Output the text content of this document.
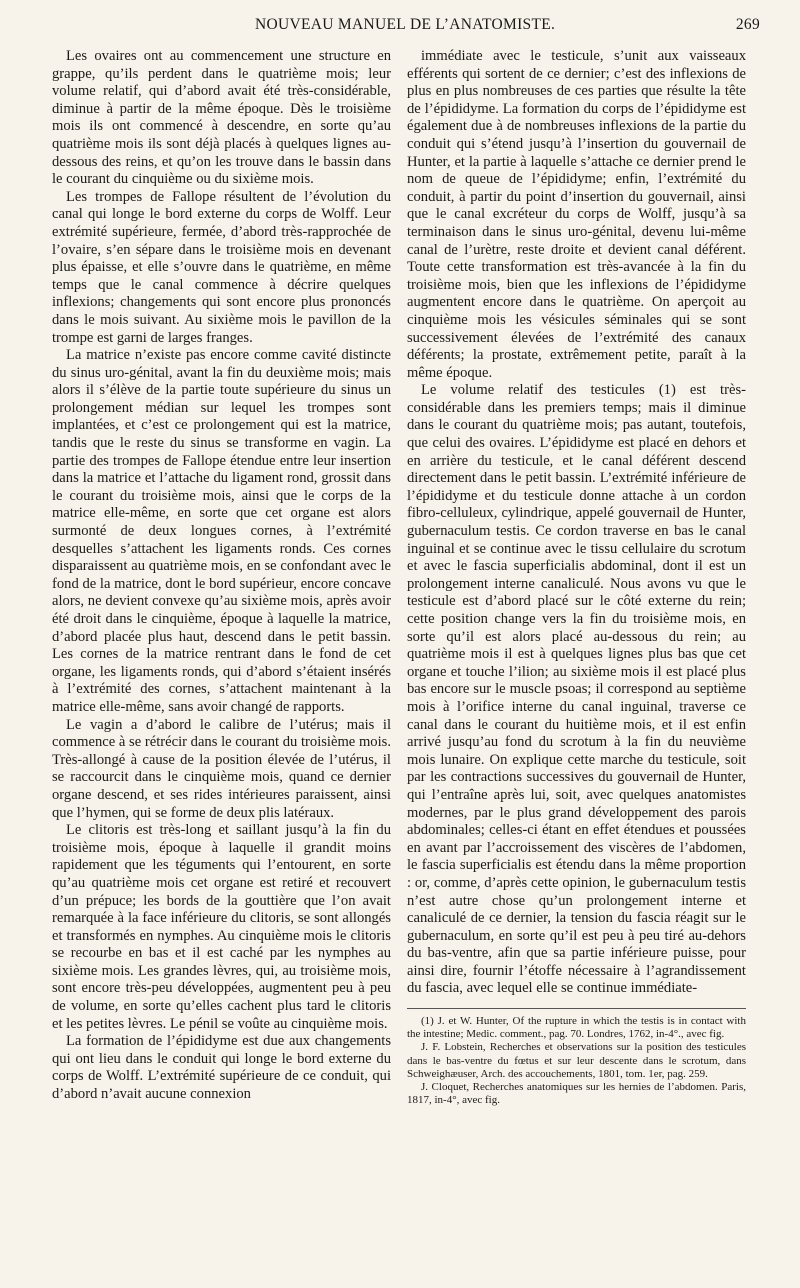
NOUVEAU MANUEL DE L’ANATOMISTE.	269

Les ovaires ont au commencement une structure en grappe, qu’ils perdent dans le quatrième mois; leur volume relatif, qui d’abord avait été très-considérable, diminue à partir de la même époque. Dès le troisième mois ils ont commencé à descendre, en sorte qu’au quatrième mois ils sont déjà placés à quelques lignes au-dessous des reins, et qu’on les trouve dans le bassin dans le courant du cinquième ou du sixième mois.

Les trompes de Fallope résultent de l’évolution du canal qui longe le bord externe du corps de Wolff. Leur extrémité supérieure, fermée, d’abord très-rapprochée de l’ovaire, s’en sépare dans le troisième mois en devenant plus épaisse, et elle s’ouvre dans le quatrième, en même temps que le canal commence à décrire quelques inflexions; changements qui sont encore plus prononcés dans le mois suivant. Au sixième mois le pavillon de la trompe est garni de larges franges.

La matrice n’existe pas encore comme cavité distincte du sinus uro-génital, avant la fin du deuxième mois; mais alors il s’élève de la partie toute supérieure du sinus un prolongement médian sur lequel les trompes sont implantées, et c’est ce prolongement qui est la matrice, tandis que le reste du sinus se transforme en vagin. La partie des trompes de Fallope étendue entre leur insertion dans la matrice et l’attache du ligament rond, grossit dans le courant du troisième mois, ainsi que le corps de la matrice elle-même, en sorte que cet organe est alors surmonté de deux longues cornes, à l’extrémité desquelles s’attachent les ligaments ronds. Ces cornes disparaissent au quatrième mois, en se confondant avec le fond de la matrice, dont le bord supérieur, encore concave alors, ne devient convexe qu’au sixième mois, après avoir été droit dans le cinquième, époque à laquelle la matrice, d’abord placée plus haut, descend dans le petit bassin. Les cornes de la matrice rentrant dans le fond de cet organe, les ligaments ronds, qui d’abord s’étaient insérés à l’extrémité des cornes, s’attachent maintenant à la matrice elle-même, sans avoir changé de rapports.

Le vagin a d’abord le calibre de l’utérus; mais il commence à se rétrécir dans le courant du troisième mois. Très-allongé à cause de la position élevée de l’utérus, il se raccourcit dans le cinquième mois, quand ce dernier organe descend, et ses rides intérieures paraissent, ainsi que l’hymen, qui se forme de deux plis latéraux.

Le clitoris est très-long et saillant jusqu’à la fin du troisième mois, époque à laquelle il grandit moins rapidement que les téguments qui l’entourent, en sorte qu’au quatrième mois cet organe est retiré et recouvert d’un prépuce; les bords de la gouttière que l’on avait remarquée à la face inférieure du clitoris, se sont allongés et transformés en nymphes. Au cinquième mois le clitoris se recourbe en bas et il est caché par les nymphes au sixième mois. Les grandes lèvres, qui, au troisième mois, sont encore très-peu développées, augmentent peu à peu de volume, en sorte qu’elles cachent plus tard le clitoris et les petites lèvres. Le pénil se voûte au cinquième mois.

La formation de l’épididyme est due aux changements qui ont lieu dans le conduit qui longe le bord externe du corps de Wolff. L’extrémité supérieure de ce conduit, qui d’abord n’avait aucune connexion

immédiate avec le testicule, s’unit aux vaisseaux efférents qui sortent de ce dernier; c’est des inflexions de plus en plus nombreuses de ces parties que résulte la tête de l’épididyme. La formation du corps de l’épididyme est également due à de nombreuses inflexions de la partie du conduit qui s’étend jusqu’à l’insertion du gouvernail de Hunter, et la partie à laquelle s’attache ce dernier prend le nom de queue de l’épididyme; enfin, l’extrémité du conduit, à partir du point d’insertion du gouvernail, ainsi que le canal excréteur du corps de Wolff, jusqu’à sa terminaison dans le sinus uro-génital, devenu lui-même canal de l’urètre, reste droite et devient canal déférent. Toute cette transformation est très-avancée à la fin du troisième mois, bien que les inflexions de l’épididyme augmentent encore dans le quatrième. On aperçoit au cinquième mois les vésicules séminales qui se sont successivement élevées de l’extrémité des canaux déférents; la prostate, extrêmement petite, paraît à la même époque.

Le volume relatif des testicules (1) est très-considérable dans les premiers temps; mais il diminue dans le courant du quatrième mois; pas autant, toutefois, que celui des ovaires. L’épididyme est placé en dehors et en arrière du testicule, et le canal déférent descend directement dans le petit bassin. L’extrémité inférieure de l’épididyme et du testicule donne attache à un cordon fibro-celluleux, cylindrique, appelé gouvernail de Hunter, gubernaculum testis. Ce cordon traverse en bas le canal inguinal et se continue avec le tissu cellulaire du scrotum et avec le fascia superficialis abdominal, dont il est un prolongement interne canaliculé. Nous avons vu que le testicule est d’abord placé sur le côté externe du rein; cette position change vers la fin du troisième mois, en sorte qu’il est alors placé au-dessous du rein; au quatrième mois il est à quelques lignes plus bas que cet organe et touche l’ilion; au sixième mois il est placé plus bas encore sur le muscle psoas; il correspond au septième mois à l’orifice interne du canal inguinal, traverse ce canal dans le courant du huitième mois, et il est enfin arrivé jusqu’au fond du scrotum à la fin du neuvième mois lunaire. On explique cette marche du testicule, soit par les contractions successives du gouvernail de Hunter, qui l’entraîne après lui, soit, avec quelques anatomistes modernes, par le plus grand développement des parois abdominales; celles-ci étant en effet étendues et poussées en avant par l’accroissement des viscères de l’abdomen, le fascia superficialis est étendu dans la même proportion : or, comme, d’après cette opinion, le gubernaculum testis n’est autre chose qu’un prolongement interne et canaliculé de ce dernier, la tension du fascia réagit sur le gubernaculum, en sorte qu’il est peu à peu tiré au-dehors du bas-ventre, afin que sa partie inférieure puisse, pour ainsi dire, fournir l’étoffe nécessaire à l’agrandissement du fascia, avec lequel elle se continue immédiate-

(1) J. et W. Hunter, Of the rupture in which the testis is in contact with the intestine; Medic. comment., pag. 70. Londres, 1762, in-4°., avec fig.

J. F. Lobstein, Recherches et observations sur la position des testicules dans le bas-ventre du fœtus et sur leur descente dans le scrotum, dans Schweighæuser, Arch. des accouchements, 1801, tom. 1er, pag. 259.

J. Cloquet, Recherches anatomiques sur les hernies de l’abdomen. Paris, 1817, in-4°, avec fig.
